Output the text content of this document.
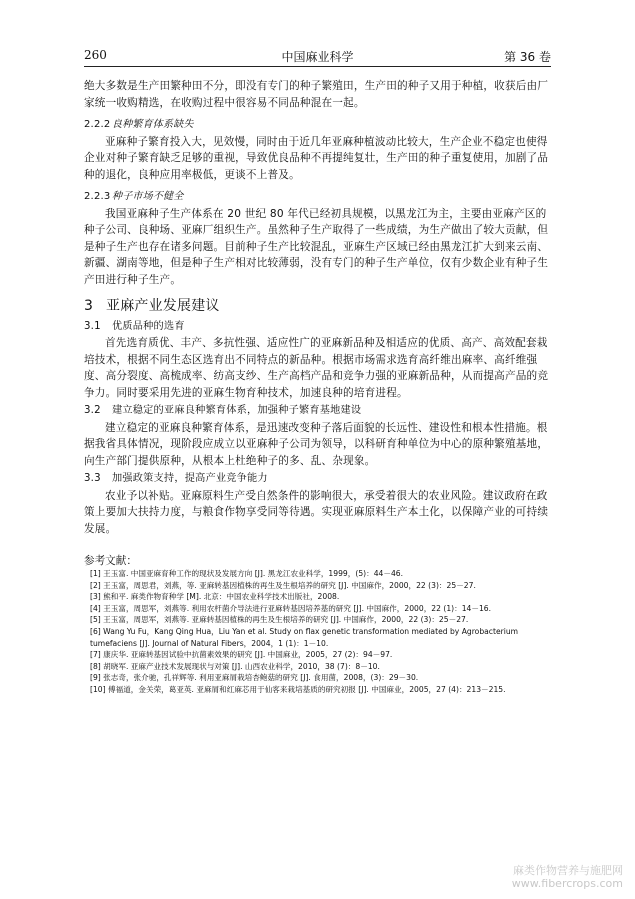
260	中国麻业科学	第 36 卷

绝大多数是生产田繁种田不分，即没有专门的种子繁殖田，生产田的种子又用于种植，收获后由厂家统一收购精选，在收购过程中很容易不同品种混在一起。

2.2.2 良种繁育体系缺失

亚麻种子繁育投入大，见效慢，同时由于近几年亚麻种植波动比较大，生产企业不稳定也使得企业对种子繁育缺乏足够的重视，导致优良品种不再提纯复壮，生产田的种子重复使用，加剧了品种的退化，良种应用率极低，更谈不上普及。

2.2.3 种子市场不健全

我国亚麻种子生产体系在 20 世纪 80 年代已经初具规模，以黑龙江为主，主要由亚麻产区的种子公司、良种场、亚麻厂组织生产。虽然种子生产取得了一些成绩，为生产做出了较大贡献，但是种子生产也存在诸多问题。目前种子生产比较混乱，亚麻生产区域已经由黑龙江扩大到来云南、新疆、湖南等地，但是种子生产相对比较薄弱，没有专门的种子生产单位，仅有少数企业有种子生产田进行种子生产。

3 亚麻产业发展建议

3.1 优质品种的选育

首先选育质优、丰产、多抗性强、适应性广的亚麻新品种及相适应的优质、高产、高效配套栽培技术，根据不同生态区选育出不同特点的新品种。根据市场需求选育高纤维出麻率、高纤维强度、高分裂度、高梳成率、纺高支纱、生产高档产品和竞争力强的亚麻新品种，从而提高产品的竞争力。同时要采用先进的亚麻生物育种技术，加速良种的培育进程。

3.2 建立稳定的亚麻良种繁育体系，加强种子繁育基地建设

建立稳定的亚麻良种繁育体系，是迅速改变种子落后面貌的长远性、建设性和根本性措施。根据我省具体情况，现阶段应成立以亚麻种子公司为领导，以科研育种单位为中心的原种繁殖基地，向生产部门提供原种，从根本上杜绝种子的多、乱、杂现象。

3.3 加强政策支持，提高产业竞争能力

农业予以补贴。亚麻原料生产受自然条件的影响很大，承受着很大的农业风险。建议政府在政策上要加大扶持力度，与粮食作物享受同等待遇。实现亚麻原料生产本土化，以保障产业的可持续发展。

参考文献：

[1] 王玉富. 中国亚麻育种工作的现状及发展方向 [J]. 黑龙江农业科学，1999，(5)：44－46.

[2] 王玉富，周思君，刘燕，等. 亚麻转基因植株的再生及生根培养的研究 [J]. 中国麻作，2000，22 (3)：25－27.

[3] 熊和平. 麻类作物育种学 [M]. 北京：中国农业科学技术出版社，2008.

[4] 王玉富，周思军，刘燕等. 利用农杆菌介导法进行亚麻转基因培养基的研究 [J]. 中国麻作，2000，22 (1)：14－16.

[5] 王玉富，周思军，刘燕等. 亚麻转基因植株的再生及生根培养的研究 [J]. 中国麻作，2000，22 (3)：25－27.

[6] Wang Yu Fu，Kang Qing Hua，Liu Yan et al. Study on flax genetic transformation mediated by Agrobacterium tumefaciens [J]. Journal of Natural Fibers，2004，1 (1)：1－10.

[7] 康庆华. 亚麻转基因试验中抗菌素效果的研究 [J]. 中国麻业，2005，27 (2)：94－97.

[8] 胡晓军. 亚麻产业技术发展现状与对策 [J]. 山西农业科学，2010，38 (7)：8－10.

[9] 张志奇，张介驰，孔祥辉等. 利用亚麻屑栽培杏鲍菇的研究 [J]. 食用菌，2008，(3)：29－30.

[10] 傅福道，金关荣，葛亚英. 亚麻屑和红麻芯用于仙客来栽培基质的研究初报 [J]. 中国麻业，2005，27 (4)：213－215.

麻类作物营养与施肥网
www.fibercrops.com
